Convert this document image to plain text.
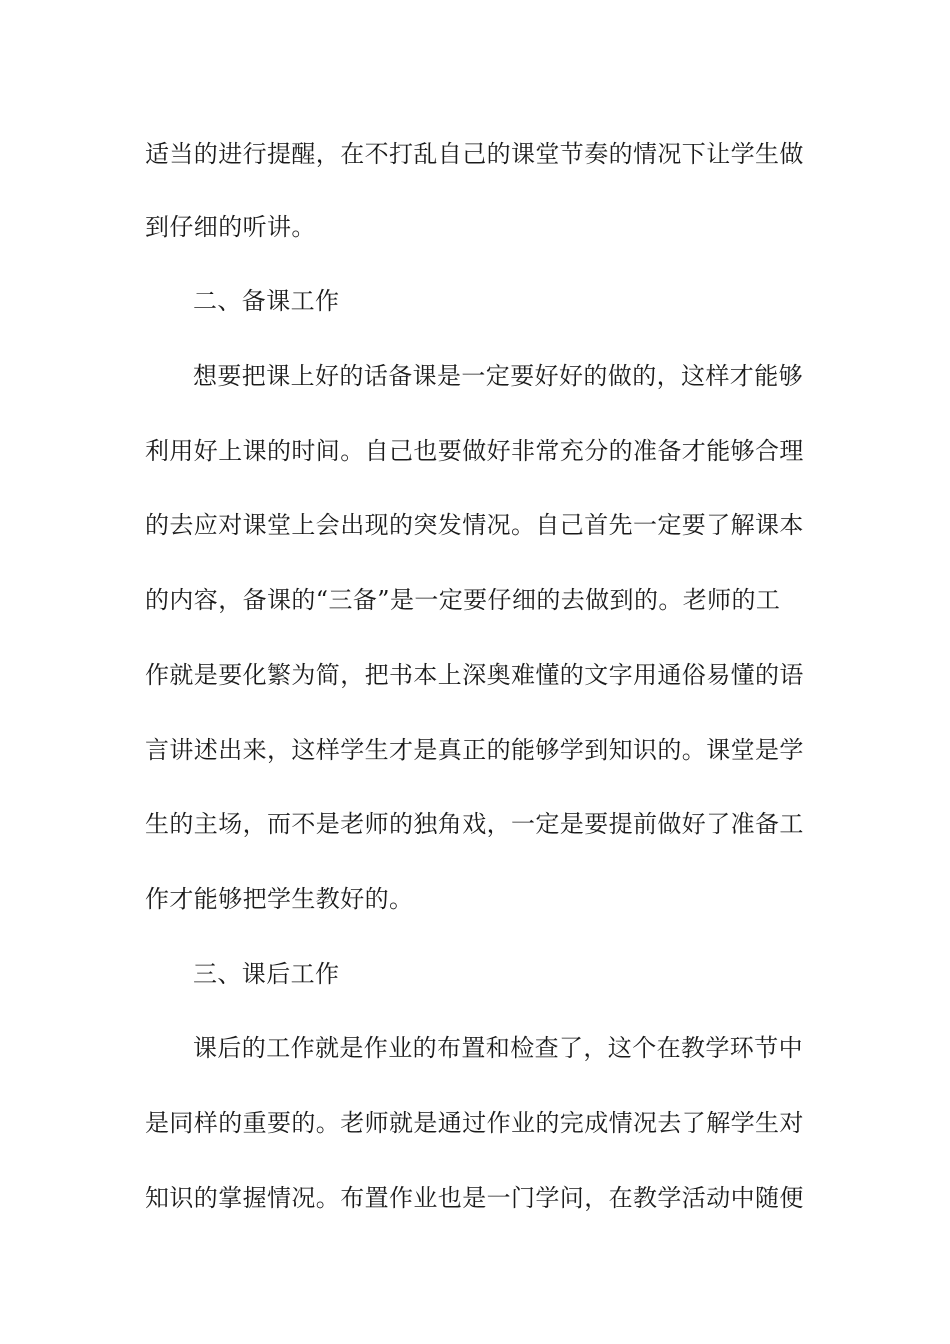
适当的进行提醒，在不打乱自己的课堂节奏的情况下让学生做
到仔细的听讲。
二、备课工作
想要把课上好的话备课是一定要好好的做的，这样才能够
利用好上课的时间。自己也要做好非常充分的准备才能够合理
的去应对课堂上会出现的突发情况。自己首先一定要了解课本
的内容，备课的“三备”是一定要仔细的去做到的。老师的工
作就是要化繁为简，把书本上深奥难懂的文字用通俗易懂的语
言讲述出来，这样学生才是真正的能够学到知识的。课堂是学
生的主场，而不是老师的独角戏，一定是要提前做好了准备工
作才能够把学生教好的。
三、课后工作
课后的工作就是作业的布置和检查了，这个在教学环节中
是同样的重要的。老师就是通过作业的完成情况去了解学生对
知识的掌握情况。布置作业也是一门学问，在教学活动中随便
